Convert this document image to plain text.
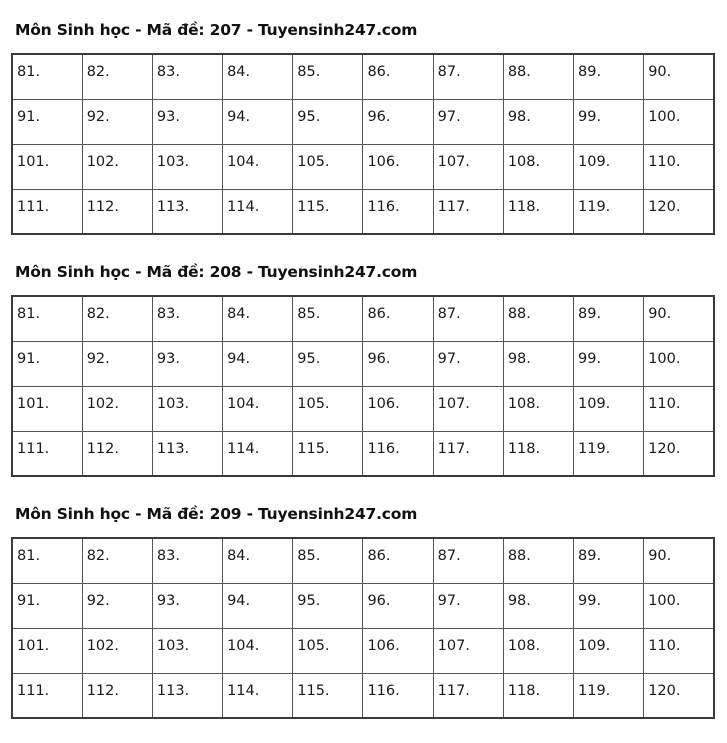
Môn Sinh học - Mã đề: 207 - Tuyensinh247.com
81.	82.	83.	84.	85.	86.	87.	88.	89.	90.
91.	92.	93.	94.	95.	96.	97.	98.	99.	100.
101.	102.	103.	104.	105.	106.	107.	108.	109.	110.
111.	112.	113.	114.	115.	116.	117.	118.	119.	120.
Môn Sinh học - Mã đề: 208 - Tuyensinh247.com
81.	82.	83.	84.	85.	86.	87.	88.	89.	90.
91.	92.	93.	94.	95.	96.	97.	98.	99.	100.
101.	102.	103.	104.	105.	106.	107.	108.	109.	110.
111.	112.	113.	114.	115.	116.	117.	118.	119.	120.
Môn Sinh học - Mã đề: 209 - Tuyensinh247.com
81.	82.	83.	84.	85.	86.	87.	88.	89.	90.
91.	92.	93.	94.	95.	96.	97.	98.	99.	100.
101.	102.	103.	104.	105.	106.	107.	108.	109.	110.
111.	112.	113.	114.	115.	116.	117.	118.	119.	120.
